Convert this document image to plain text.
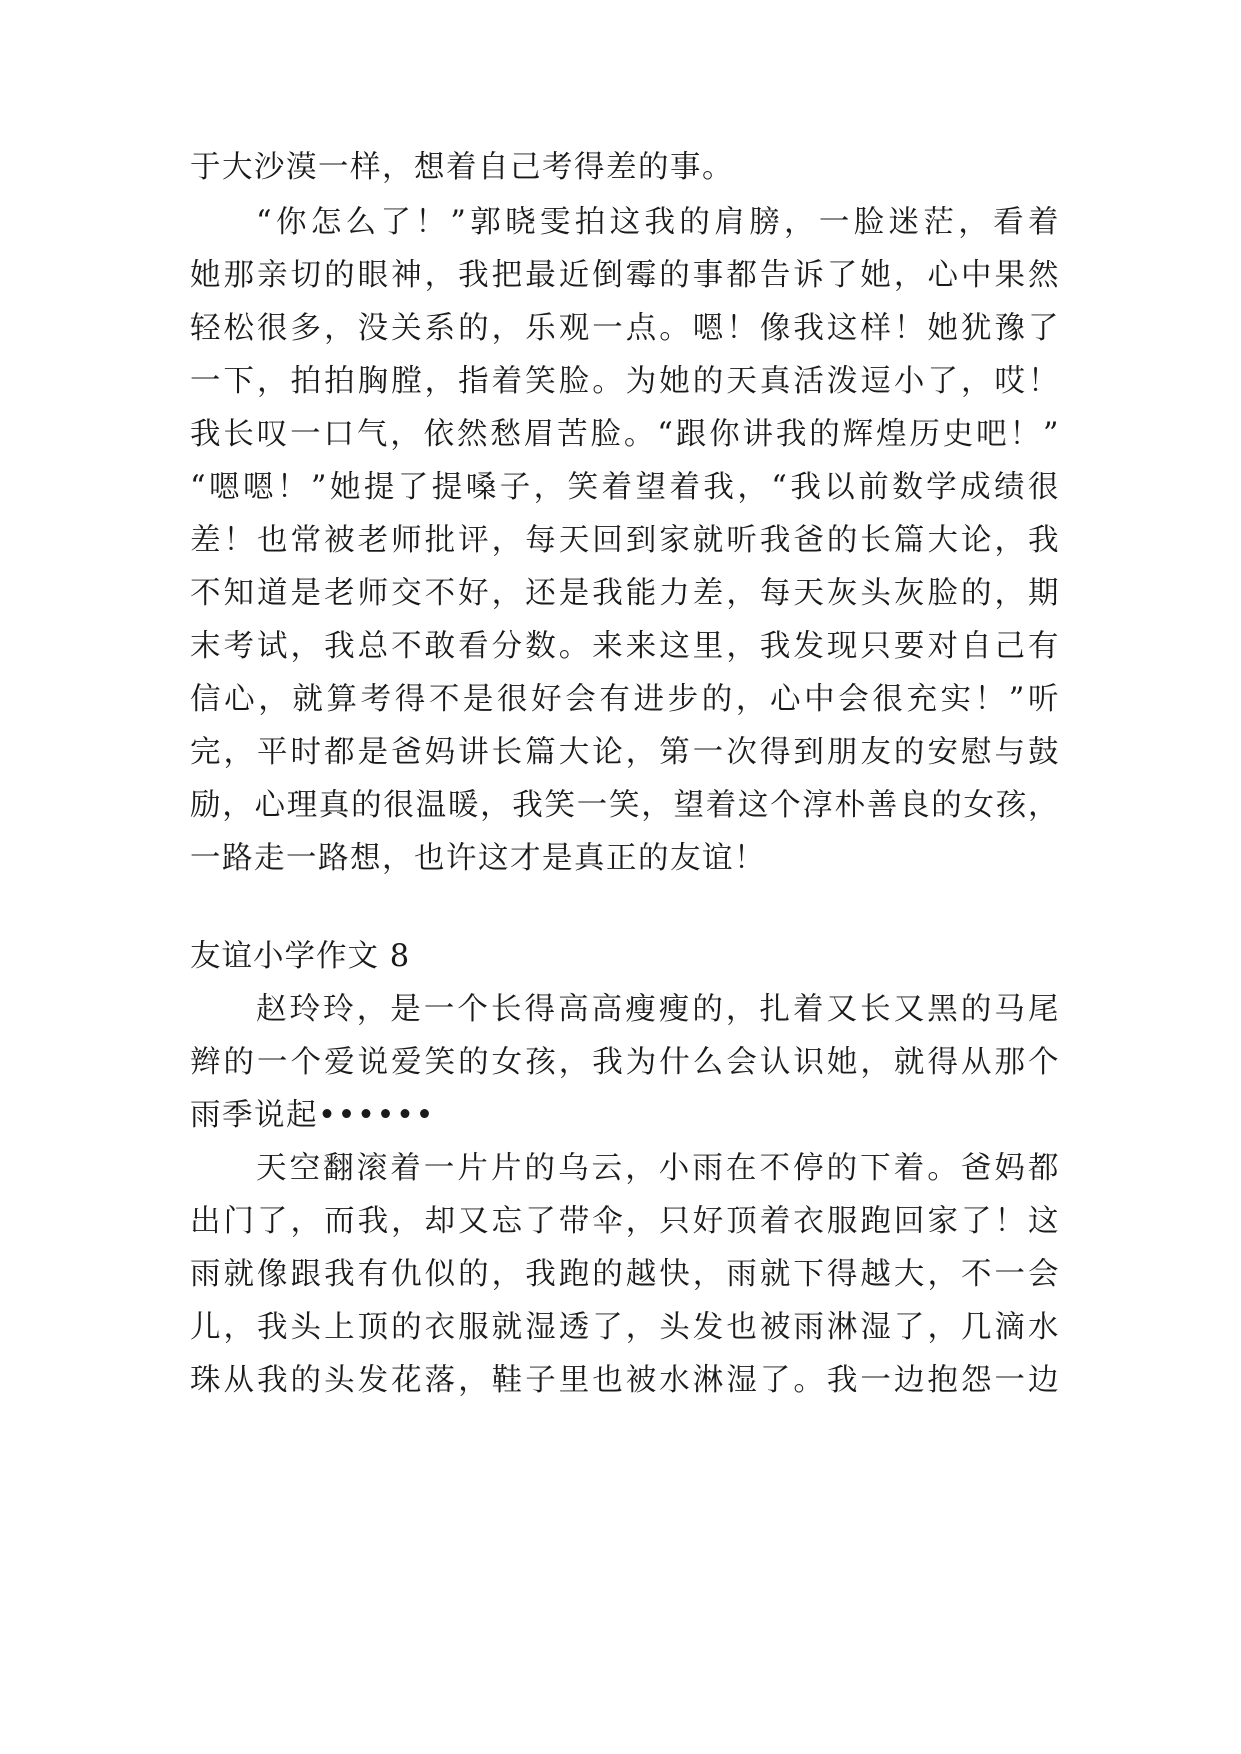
于大沙漠一样，想着自己考得差的事。
“你怎么了！”郭晓雯拍这我的肩膀，一脸迷茫，看着
她那亲切的眼神，我把最近倒霉的事都告诉了她，心中果然
轻松很多，没关系的，乐观一点。嗯！像我这样！她犹豫了
一下，拍拍胸膛，指着笑脸。为她的天真活泼逗小了，哎！
我长叹一口气，依然愁眉苦脸。“跟你讲我的辉煌历史吧！”
“嗯嗯！”她提了提嗓子，笑着望着我，“我以前数学成绩很
差！也常被老师批评，每天回到家就听我爸的长篇大论，我
不知道是老师交不好，还是我能力差，每天灰头灰脸的，期
末考试，我总不敢看分数。来来这里，我发现只要对自己有
信心，就算考得不是很好会有进步的，心中会很充实！”听
完，平时都是爸妈讲长篇大论，第一次得到朋友的安慰与鼓
励，心理真的很温暖，我笑一笑，望着这个淳朴善良的女孩，
一路走一路想，也许这才是真正的友谊！
友谊小学作文 8
赵玲玲，是一个长得高高瘦瘦的，扎着又长又黑的马尾
辫的一个爱说爱笑的女孩，我为什么会认识她，就得从那个
雨季说起••••••
天空翻滚着一片片的乌云，小雨在不停的下着。爸妈都
出门了，而我，却又忘了带伞，只好顶着衣服跑回家了！这
雨就像跟我有仇似的，我跑的越快，雨就下得越大，不一会
儿，我头上顶的衣服就湿透了，头发也被雨淋湿了，几滴水
珠从我的头发花落，鞋子里也被水淋湿了。我一边抱怨一边
